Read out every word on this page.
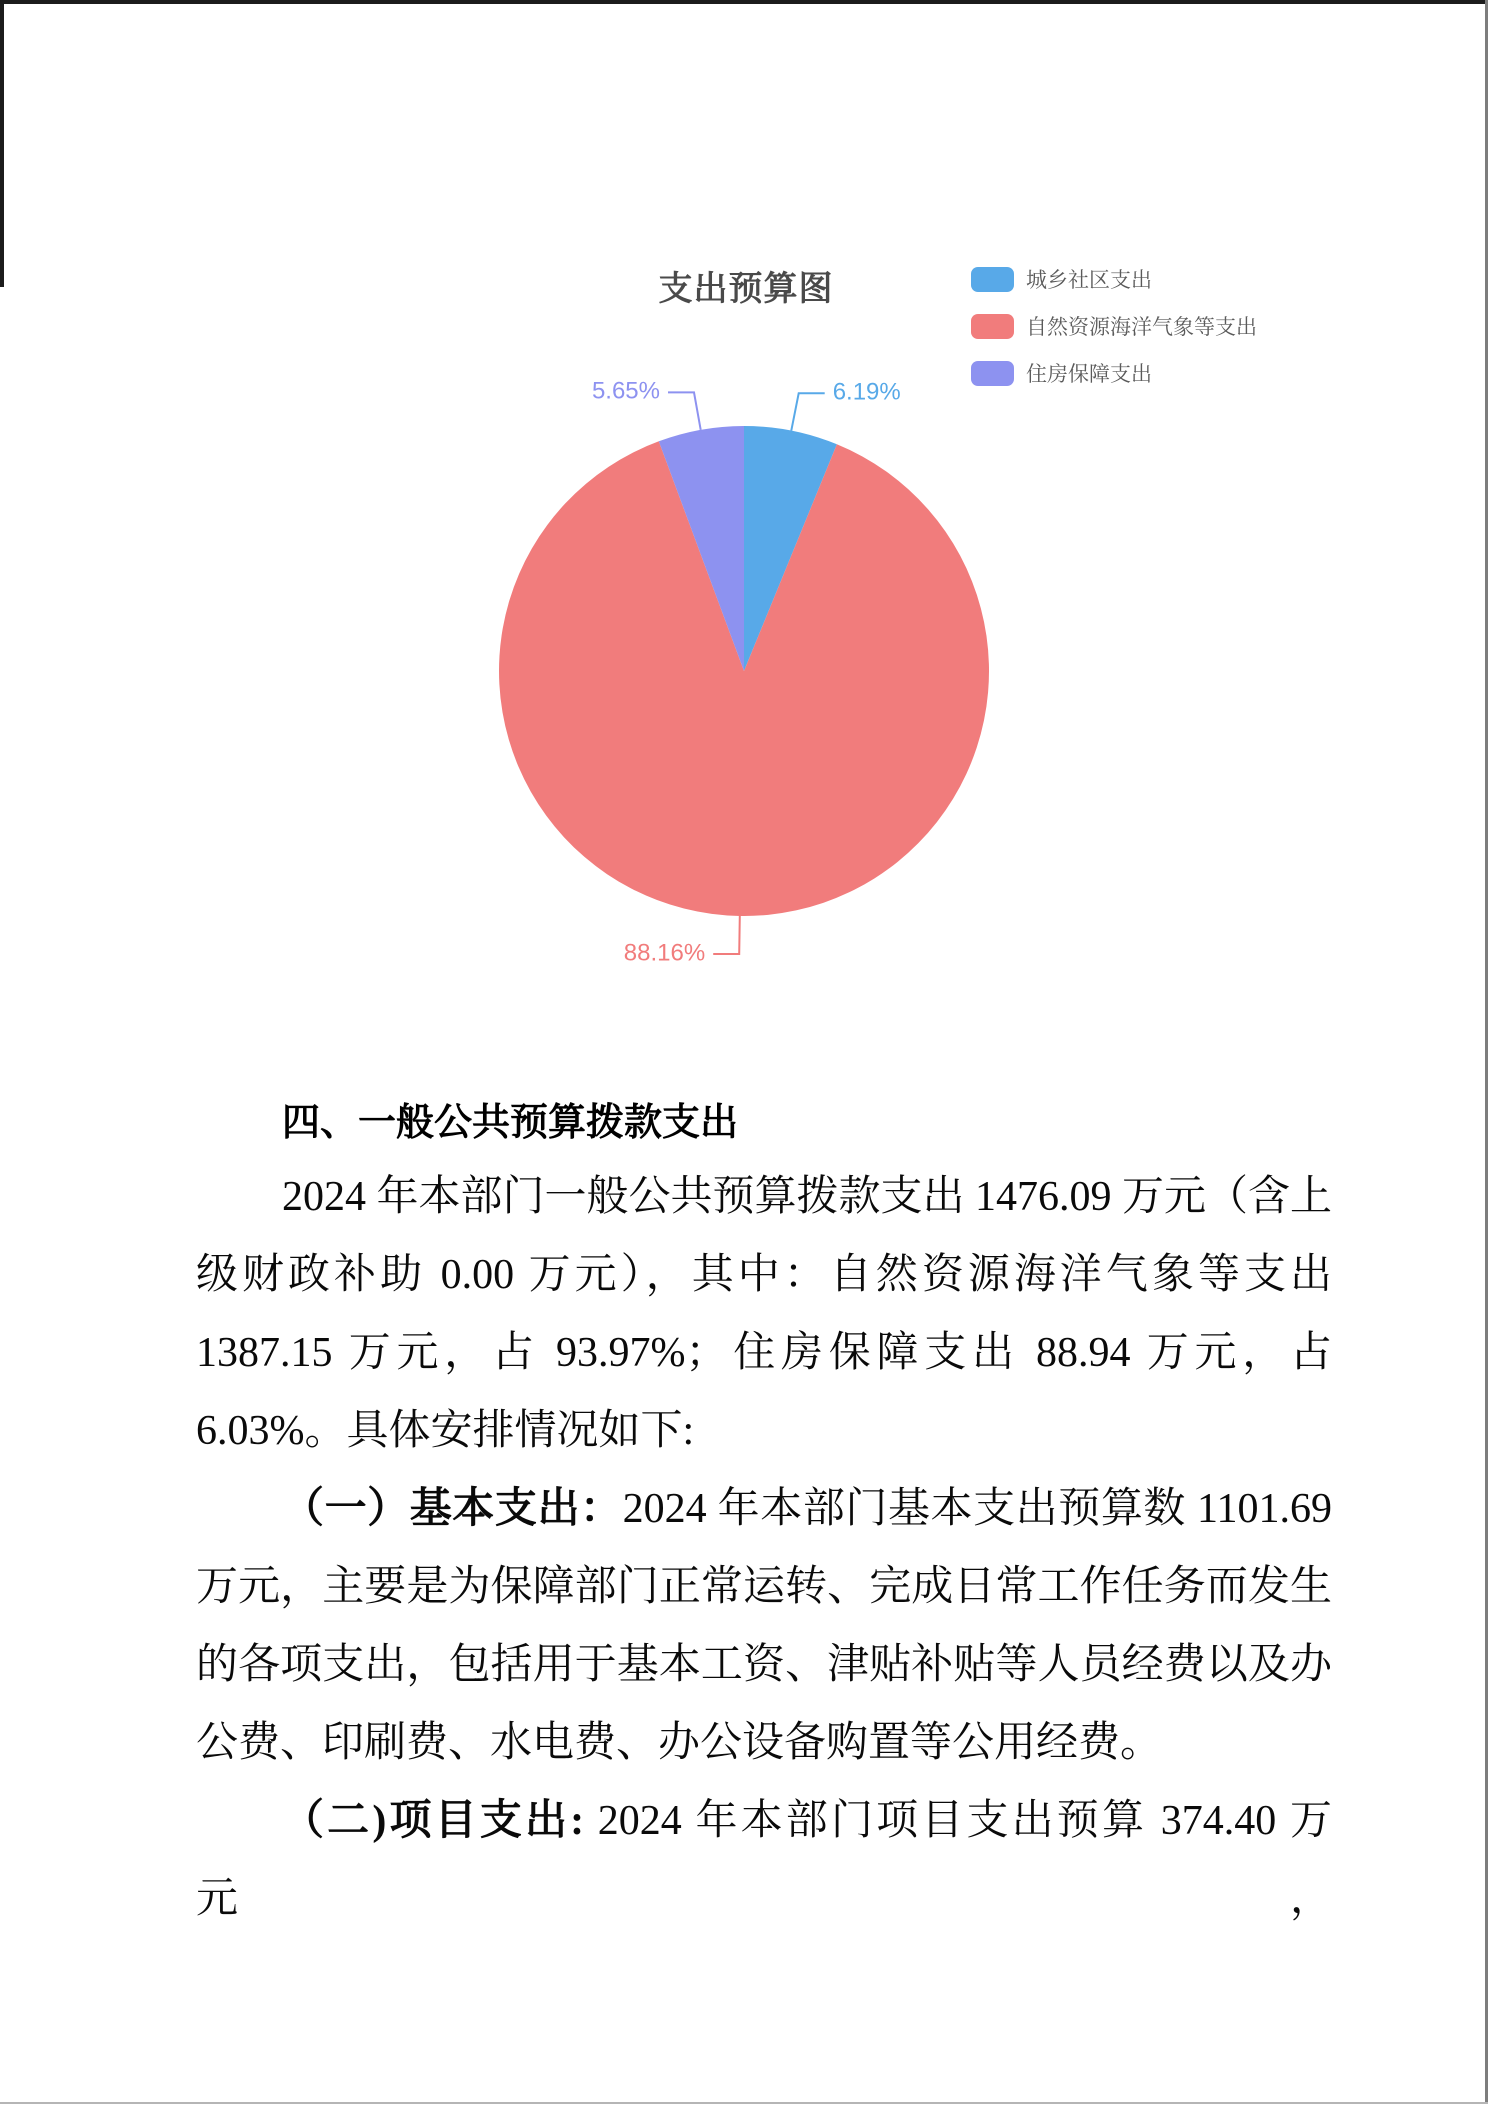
6.19%
88.16%
5.65%
支出预算图	城乡社区支出
自然资源海洋气象等支出
住房保障支出
四、一般公共预算拨款支出
2024 年本部门一般公共预算拨款支出 1476.09 万元（含上
级财政补助 0.00 万元），其中：自然资源海洋气象等支出
1387.15 万元，占 93.97%；住房保障支出 88.94 万元，占
6.03%。具体安排情况如下:
（一）基本支出：2024 年本部门基本支出预算数 1101.69
万元，主要是为保障部门正常运转、完成日常工作任务而发生
的各项支出，包括用于基本工资、津贴补贴等人员经费以及办
公费、印刷费、水电费、办公设备购置等公用经费。
（二)项目支出: 2024 年本部门项目支出预算 374.40 万元，
